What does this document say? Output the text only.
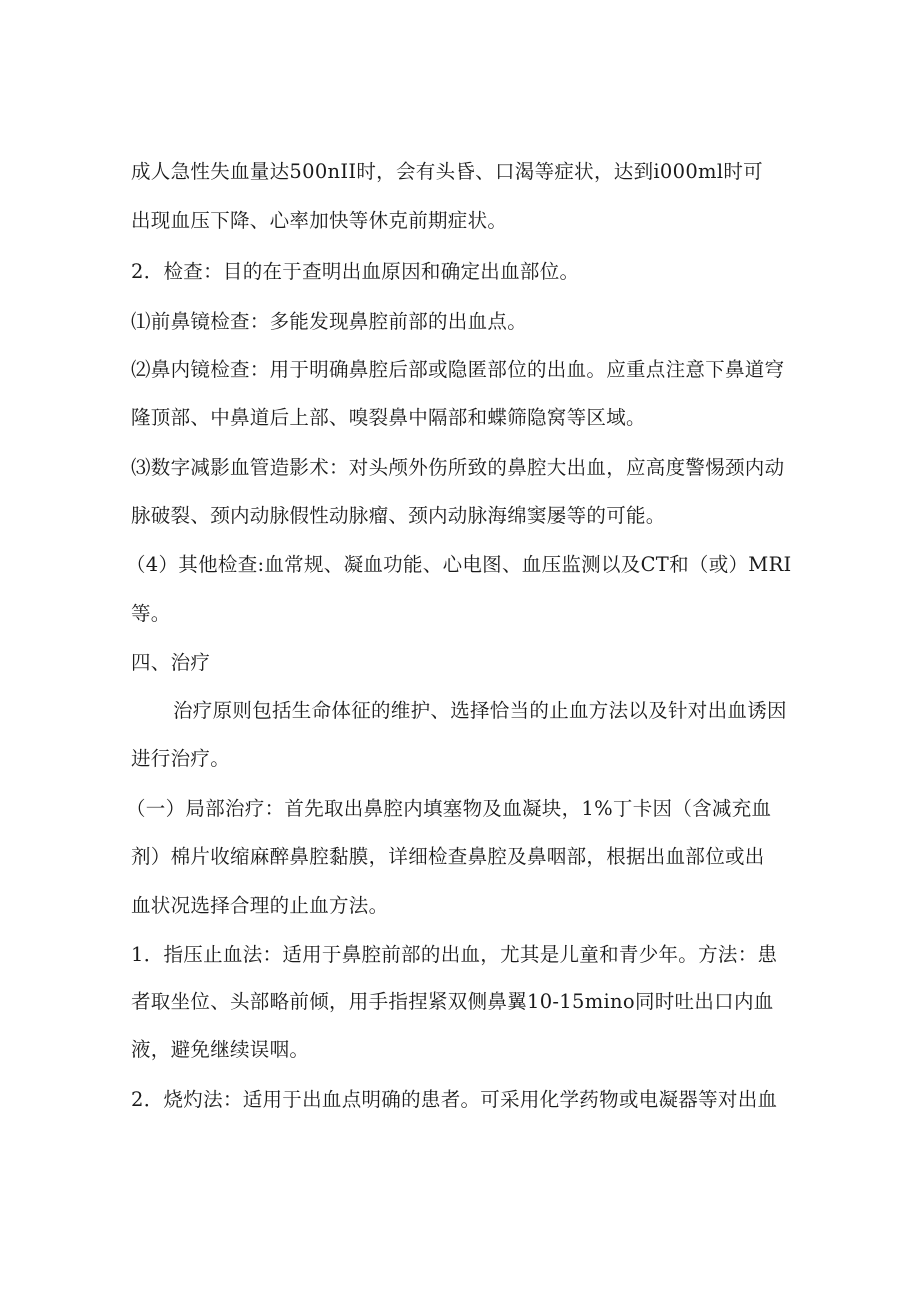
成人急性失血量达500nII时，会有头昏、口渴等症状，达到i000ml时可
出现血压下降、心率加快等休克前期症状。
2．检查：目的在于查明出血原因和确定出血部位。
⑴前鼻镜检查：多能发现鼻腔前部的出血点。
⑵鼻内镜检查：用于明确鼻腔后部或隐匿部位的出血。应重点注意下鼻道穹
隆顶部、中鼻道后上部、嗅裂鼻中隔部和蝶筛隐窝等区域。
⑶数字减影血管造影术：对头颅外伤所致的鼻腔大出血，应高度警惕颈内动
脉破裂、颈内动脉假性动脉瘤、颈内动脉海绵窦屡等的可能。
（4）其他检查:血常规、凝血功能、心电图、血压监测以及CT和（或）MRI
等。
四、治疗
治疗原则包括生命体征的维护、选择恰当的止血方法以及针对出血诱因
进行治疗。
（一）局部治疗：首先取出鼻腔内填塞物及血凝块，1%丁卡因（含减充血
剂）棉片收缩麻醉鼻腔黏膜，详细检查鼻腔及鼻咽部，根据出血部位或出
血状况选择合理的止血方法。
1．指压止血法：适用于鼻腔前部的出血，尤其是儿童和青少年。方法：患
者取坐位、头部略前倾，用手指捏紧双侧鼻翼10-15mino同时吐出口内血
液，避免继续误咽。
2．烧灼法：适用于出血点明确的患者。可采用化学药物或电凝器等对出血
